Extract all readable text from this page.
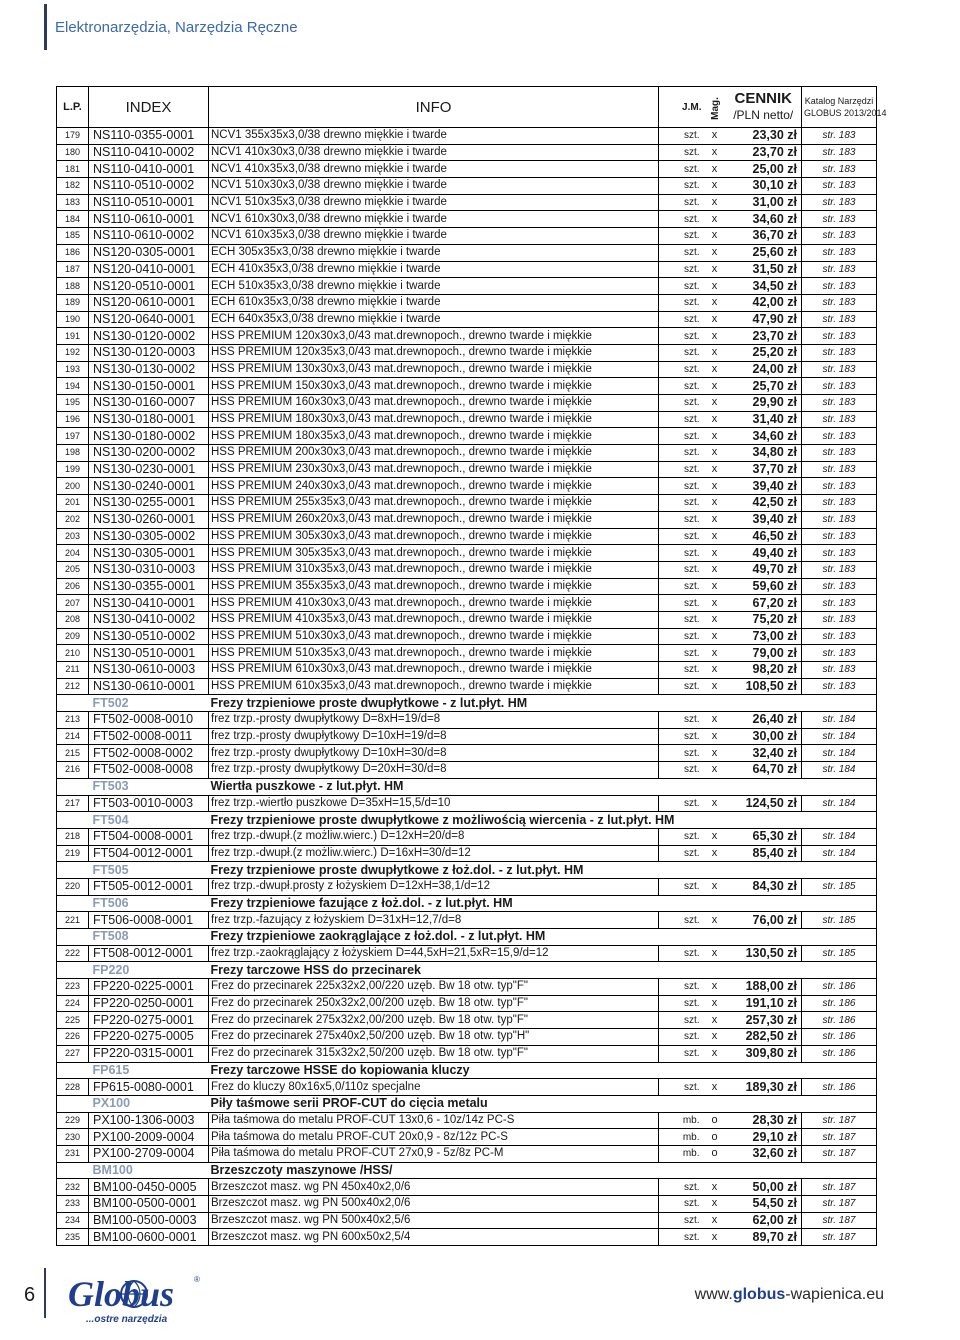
Elektronarzędzia, Narzędzia Ręczne
L.P.	INDEX	INFO	J.M.	Mag.	CENNIK
/PLN netto/	Katalog Narzędzi
GLOBUS 2013/2014
179	NS110-0355-0001	NCV1 355x35x3,0/38 drewno miękkie i twarde	szt.	x	23,30 zł	str. 183
180	NS110-0410-0002	NCV1 410x30x3,0/38 drewno miękkie i twarde	szt.	x	23,70 zł	str. 183
181	NS110-0410-0001	NCV1 410x35x3,0/38 drewno miękkie i twarde	szt.	x	25,00 zł	str. 183
182	NS110-0510-0002	NCV1 510x30x3,0/38 drewno miękkie i twarde	szt.	x	30,10 zł	str. 183
183	NS110-0510-0001	NCV1 510x35x3,0/38 drewno miękkie i twarde	szt.	x	31,00 zł	str. 183
184	NS110-0610-0001	NCV1 610x30x3,0/38 drewno miękkie i twarde	szt.	x	34,60 zł	str. 183
185	NS110-0610-0002	NCV1 610x35x3,0/38 drewno miękkie i twarde	szt.	x	36,70 zł	str. 183
186	NS120-0305-0001	ECH 305x35x3,0/38 drewno miękkie i twarde	szt.	x	25,60 zł	str. 183
187	NS120-0410-0001	ECH 410x35x3,0/38 drewno miękkie i twarde	szt.	x	31,50 zł	str. 183
188	NS120-0510-0001	ECH 510x35x3,0/38 drewno miękkie i twarde	szt.	x	34,50 zł	str. 183
189	NS120-0610-0001	ECH 610x35x3,0/38 drewno miękkie i twarde	szt.	x	42,00 zł	str. 183
190	NS120-0640-0001	ECH 640x35x3,0/38 drewno miękkie i twarde	szt.	x	47,90 zł	str. 183
191	NS130-0120-0002	HSS PREMIUM 120x30x3,0/43 mat.drewnopoch., drewno twarde i miękkie	szt.	x	23,70 zł	str. 183
192	NS130-0120-0003	HSS PREMIUM 120x35x3,0/43 mat.drewnopoch., drewno twarde i miękkie	szt.	x	25,20 zł	str. 183
193	NS130-0130-0002	HSS PREMIUM 130x30x3,0/43 mat.drewnopoch., drewno twarde i miękkie	szt.	x	24,00 zł	str. 183
194	NS130-0150-0001	HSS PREMIUM 150x30x3,0/43 mat.drewnopoch., drewno twarde i miękkie	szt.	x	25,70 zł	str. 183
195	NS130-0160-0007	HSS PREMIUM 160x30x3,0/43 mat.drewnopoch., drewno twarde i miękkie	szt.	x	29,90 zł	str. 183
196	NS130-0180-0001	HSS PREMIUM 180x30x3,0/43 mat.drewnopoch., drewno twarde i miękkie	szt.	x	31,40 zł	str. 183
197	NS130-0180-0002	HSS PREMIUM 180x35x3,0/43 mat.drewnopoch., drewno twarde i miękkie	szt.	x	34,60 zł	str. 183
198	NS130-0200-0002	HSS PREMIUM 200x30x3,0/43 mat.drewnopoch., drewno twarde i miękkie	szt.	x	34,80 zł	str. 183
199	NS130-0230-0001	HSS PREMIUM 230x30x3,0/43 mat.drewnopoch., drewno twarde i miękkie	szt.	x	37,70 zł	str. 183
200	NS130-0240-0001	HSS PREMIUM 240x30x3,0/43 mat.drewnopoch., drewno twarde i miękkie	szt.	x	39,40 zł	str. 183
201	NS130-0255-0001	HSS PREMIUM 255x35x3,0/43 mat.drewnopoch., drewno twarde i miękkie	szt.	x	42,50 zł	str. 183
202	NS130-0260-0001	HSS PREMIUM 260x20x3,0/43 mat.drewnopoch., drewno twarde i miękkie	szt.	x	39,40 zł	str. 183
203	NS130-0305-0002	HSS PREMIUM 305x30x3,0/43 mat.drewnopoch., drewno twarde i miękkie	szt.	x	46,50 zł	str. 183
204	NS130-0305-0001	HSS PREMIUM 305x35x3,0/43 mat.drewnopoch., drewno twarde i miękkie	szt.	x	49,40 zł	str. 183
205	NS130-0310-0003	HSS PREMIUM 310x35x3,0/43 mat.drewnopoch., drewno twarde i miękkie	szt.	x	49,70 zł	str. 183
206	NS130-0355-0001	HSS PREMIUM 355x35x3,0/43 mat.drewnopoch., drewno twarde i miękkie	szt.	x	59,60 zł	str. 183
207	NS130-0410-0001	HSS PREMIUM 410x30x3,0/43 mat.drewnopoch., drewno twarde i miękkie	szt.	x	67,20 zł	str. 183
208	NS130-0410-0002	HSS PREMIUM 410x35x3,0/43 mat.drewnopoch., drewno twarde i miękkie	szt.	x	75,20 zł	str. 183
209	NS130-0510-0002	HSS PREMIUM 510x30x3,0/43 mat.drewnopoch., drewno twarde i miękkie	szt.	x	73,00 zł	str. 183
210	NS130-0510-0001	HSS PREMIUM 510x35x3,0/43 mat.drewnopoch., drewno twarde i miękkie	szt.	x	79,00 zł	str. 183
211	NS130-0610-0003	HSS PREMIUM 610x30x3,0/43 mat.drewnopoch., drewno twarde i miękkie	szt.	x	98,20 zł	str. 183
212	NS130-0610-0001	HSS PREMIUM 610x35x3,0/43 mat.drewnopoch., drewno twarde i miękkie	szt.	x	108,50 zł	str. 183
	FT502	Frezy trzpieniowe proste dwupłytkowe - z lut.płyt. HM				
213	FT502-0008-0010	frez trzp.-prosty dwupłytkowy D=8xH=19/d=8	szt.	x	26,40 zł	str. 184
214	FT502-0008-0011	frez trzp.-prosty dwupłytkowy D=10xH=19/d=8	szt.	x	30,00 zł	str. 184
215	FT502-0008-0002	frez trzp.-prosty dwupłytkowy D=10xH=30/d=8	szt.	x	32,40 zł	str. 184
216	FT502-0008-0008	frez trzp.-prosty dwupłytkowy D=20xH=30/d=8	szt.	x	64,70 zł	str. 184
	FT503	Wiertła puszkowe - z lut.płyt. HM				
217	FT503-0010-0003	frez trzp.-wiertło puszkowe D=35xH=15,5/d=10	szt.	x	124,50 zł	str. 184
	FT504	Frezy trzpieniowe proste dwupłytkowe z możliwością wiercenia - z lut.płyt. HM				
218	FT504-0008-0001	frez trzp.-dwupł.(z możliw.wierc.) D=12xH=20/d=8	szt.	x	65,30 zł	str. 184
219	FT504-0012-0001	frez trzp.-dwupł.(z możliw.wierc.) D=16xH=30/d=12	szt.	x	85,40 zł	str. 184
	FT505	Frezy trzpieniowe proste dwupłytkowe z łoż.dol. - z lut.płyt. HM				
220	FT505-0012-0001	frez trzp.-dwupł.prosty z łożyskiem D=12xH=38,1/d=12	szt.	x	84,30 zł	str. 185
	FT506	Frezy trzpieniowe fazujące z łoż.dol. - z lut.płyt. HM				
221	FT506-0008-0001	frez trzp.-fazujący z łożyskiem D=31xH=12,7/d=8	szt.	x	76,00 zł	str. 185
	FT508	Frezy trzpieniowe zaokrąglające z łoż.dol. - z lut.płyt. HM				
222	FT508-0012-0001	frez trzp.-zaokrąglający z łożyskiem D=44,5xH=21,5xR=15,9/d=12	szt.	x	130,50 zł	str. 185
	FP220	Frezy tarczowe HSS do przecinarek				
223	FP220-0225-0001	Frez do przecinarek 225x32x2,00/220 uzęb. Bw 18 otw. typ"F"	szt.	x	188,00 zł	str. 186
224	FP220-0250-0001	Frez do przecinarek 250x32x2,00/200 uzęb. Bw 18 otw. typ"F"	szt.	x	191,10 zł	str. 186
225	FP220-0275-0001	Frez do przecinarek 275x32x2,00/200 uzęb. Bw 18 otw. typ"F"	szt.	x	257,30 zł	str. 186
226	FP220-0275-0005	Frez do przecinarek 275x40x2,50/200 uzęb. Bw 18 otw. typ"H"	szt.	x	282,50 zł	str. 186
227	FP220-0315-0001	Frez do przecinarek 315x32x2,50/200 uzęb. Bw 18 otw. typ"F"	szt.	x	309,80 zł	str. 186
	FP615	Frezy tarczowe HSSE do kopiowania kluczy				
228	FP615-0080-0001	Frez do kluczy 80x16x5,0/110z specjalne	szt.	x	189,30 zł	str. 186
	PX100	Piły taśmowe serii PROF-CUT do cięcia metalu				
229	PX100-1306-0003	Piła taśmowa do metalu PROF-CUT 13x0,6 - 10z/14z PC-S	mb.	o	28,30 zł	str. 187
230	PX100-2009-0004	Piła taśmowa do metalu PROF-CUT 20x0,9 - 8z/12z PC-S	mb.	o	29,10 zł	str. 187
231	PX100-2709-0004	Piła taśmowa do metalu PROF-CUT 27x0,9 - 5z/8z PC-M	mb.	o	32,60 zł	str. 187
	BM100	Brzeszczoty maszynowe /HSS/				
232	BM100-0450-0005	Brzeszczot masz. wg PN 450x40x2,0/6	szt.	x	50,00 zł	str. 187
233	BM100-0500-0001	Brzeszczot masz. wg PN 500x40x2,0/6	szt.	x	54,50 zł	str. 187
234	BM100-0500-0003	Brzeszczot masz. wg PN 500x40x2,5/6	szt.	x	62,00 zł	str. 187
235	BM100-0600-0001	Brzeszczot masz. wg PN 600x50x2,5/4	szt.	x	89,70 zł	str. 187
6 Globus ®
...ostre narzędzia
www.globus-wapienica.eu
